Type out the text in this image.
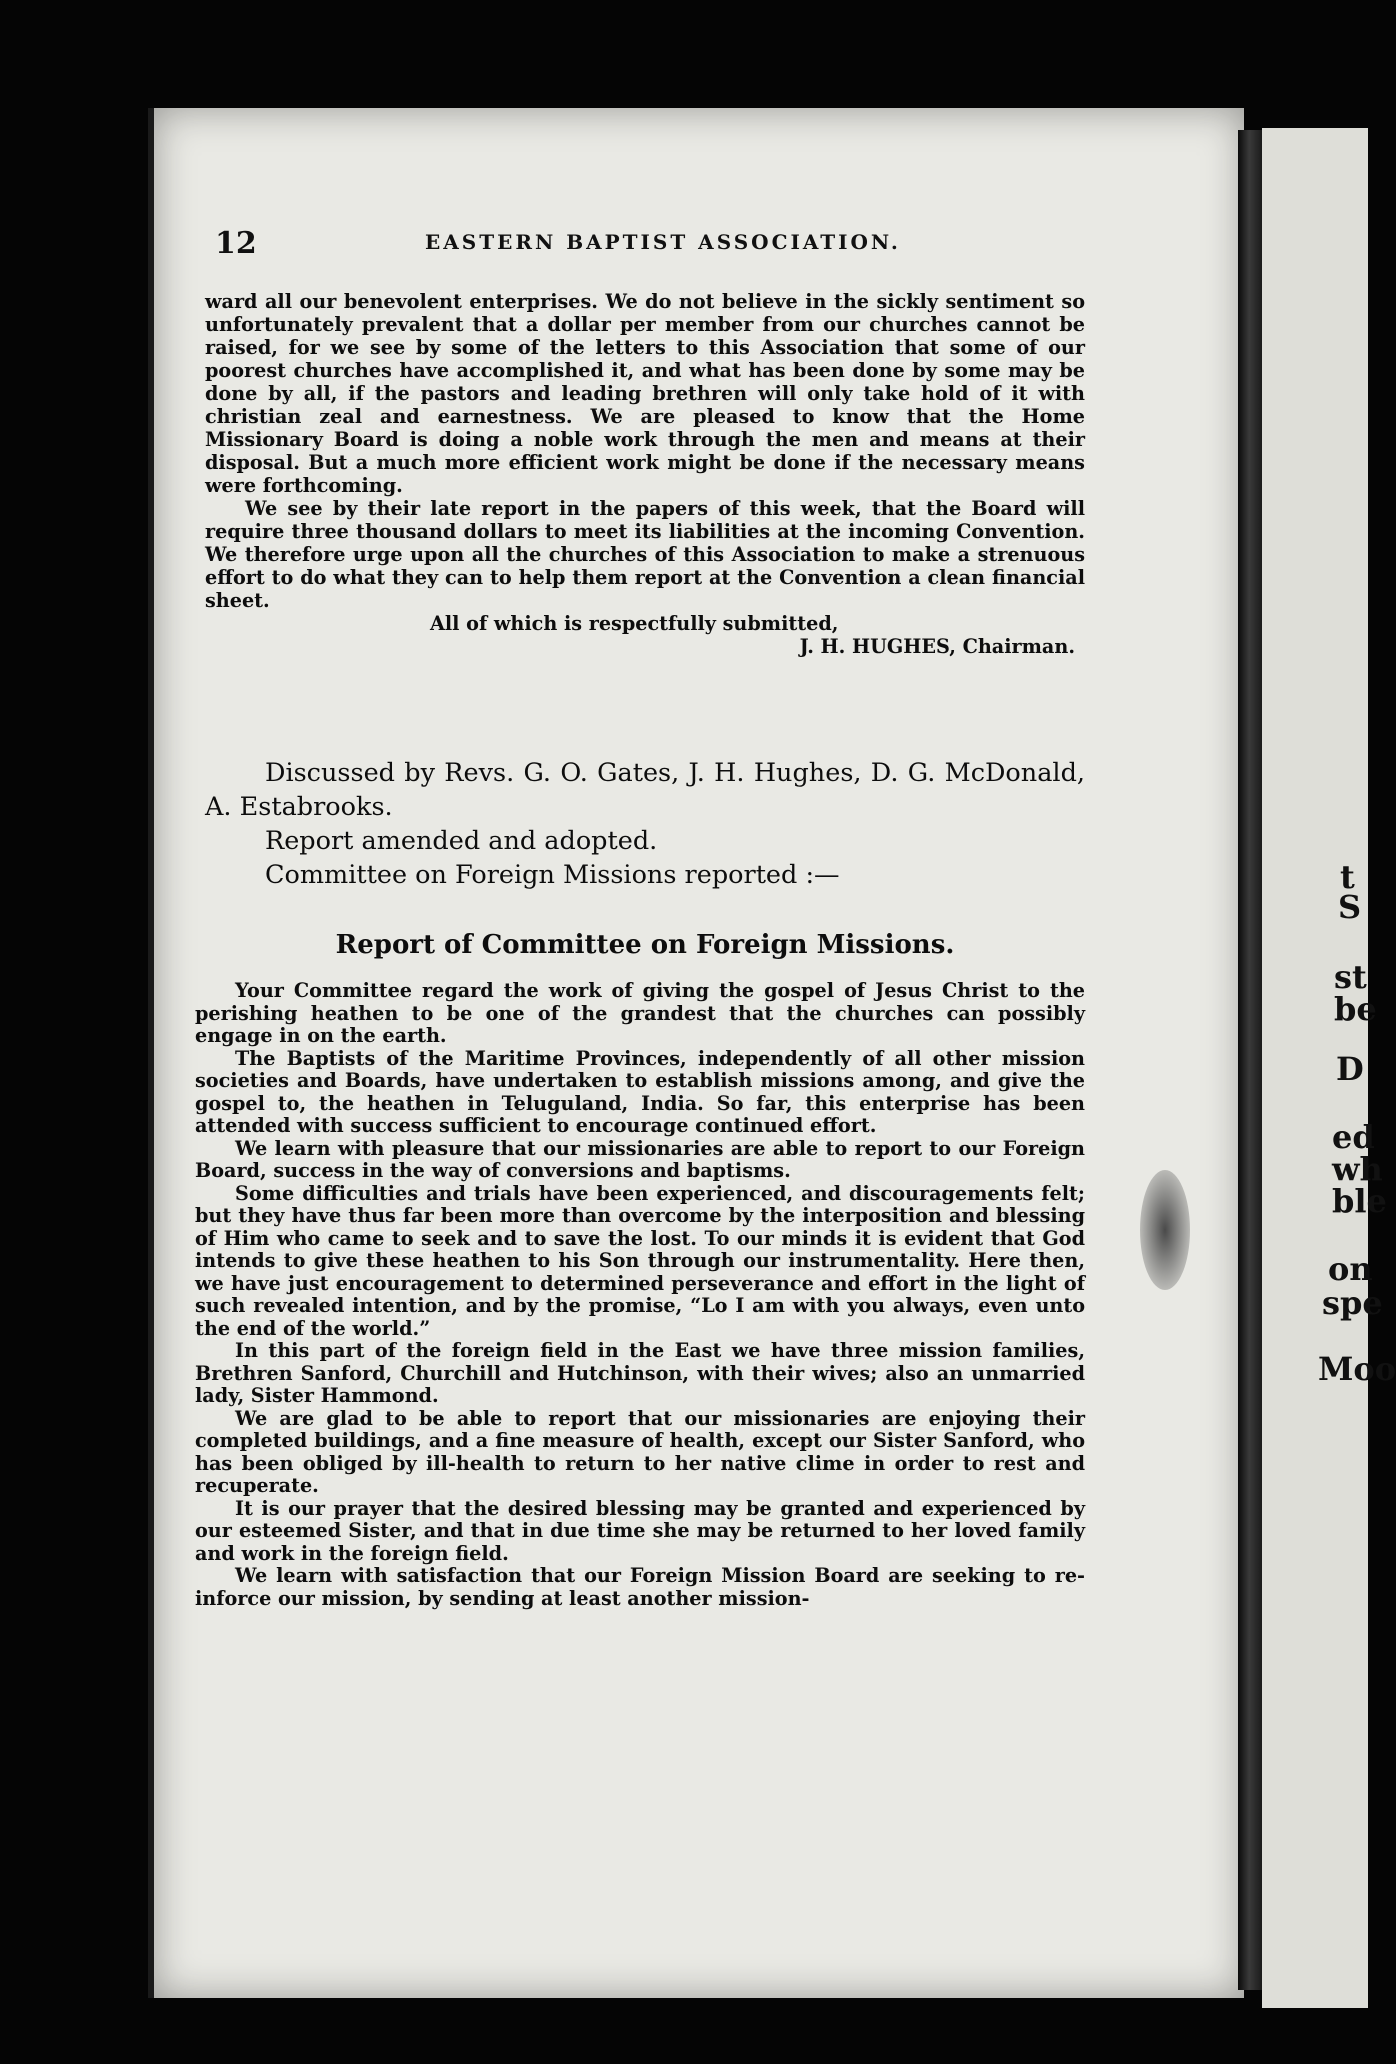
12	EASTERN BAPTIST ASSOCIATION.

ward all our benevolent enterprises. We do not believe in the sickly sentiment so unfortunately prevalent that a dollar per member from our churches cannot be raised, for we see by some of the letters to this Association that some of our poorest churches have accomplished it, and what has been done by some may be done by all, if the pastors and leading brethren will only take hold of it with christian zeal and earnestness. We are pleased to know that the Home Missionary Board is doing a noble work through the men and means at their disposal. But a much more efficient work might be done if the necessary means were forthcoming.

We see by their late report in the papers of this week, that the Board will require three thousand dollars to meet its liabilities at the incoming Convention. We therefore urge upon all the churches of this Association to make a strenuous effort to do what they can to help them report at the Convention a clean financial sheet.

All of which is respectfully submitted,

J. H. HUGHES, Chairman.

Discussed by Revs. G. O. Gates, J. H. Hughes, D. G. McDonald, A. Estabrooks.

Report amended and adopted.

Committee on Foreign Missions reported :—

Report of Committee on Foreign Missions.

Your Committee regard the work of giving the gospel of Jesus Christ to the perishing heathen to be one of the grandest that the churches can possibly engage in on the earth.

The Baptists of the Maritime Provinces, independently of all other mission societies and Boards, have undertaken to establish missions among, and give the gospel to, the heathen in Teluguland, India. So far, this enterprise has been attended with success sufficient to encourage continued effort.

We learn with pleasure that our missionaries are able to report to our Foreign Board, success in the way of conversions and baptisms.

Some difficulties and trials have been experienced, and discouragements felt; but they have thus far been more than overcome by the interposition and blessing of Him who came to seek and to save the lost. To our minds it is evident that God intends to give these heathen to his Son through our instrumentality. Here then, we have just encouragement to determined perseverance and effort in the light of such revealed intention, and by the promise, “Lo I am with you always, even unto the end of the world.”

In this part of the foreign field in the East we have three mission families, Brethren Sanford, Churchill and Hutchinson, with their wives; also an unmarried lady, Sister Hammond.

We are glad to be able to report that our missionaries are enjoying their completed buildings, and a fine measure of health, except our Sister Sanford, who has been obliged by ill-health to return to her native clime in order to rest and recuperate.

It is our prayer that the desired blessing may be granted and experienced by our esteemed Sister, and that in due time she may be returned to her loved family and work in the foreign field.

We learn with satisfaction that our Foreign Mission Board are seeking to re-inforce our mission, by sending at least another mission-

t
S
st
be
D
ed
wh
ble
on
spe
Moo
